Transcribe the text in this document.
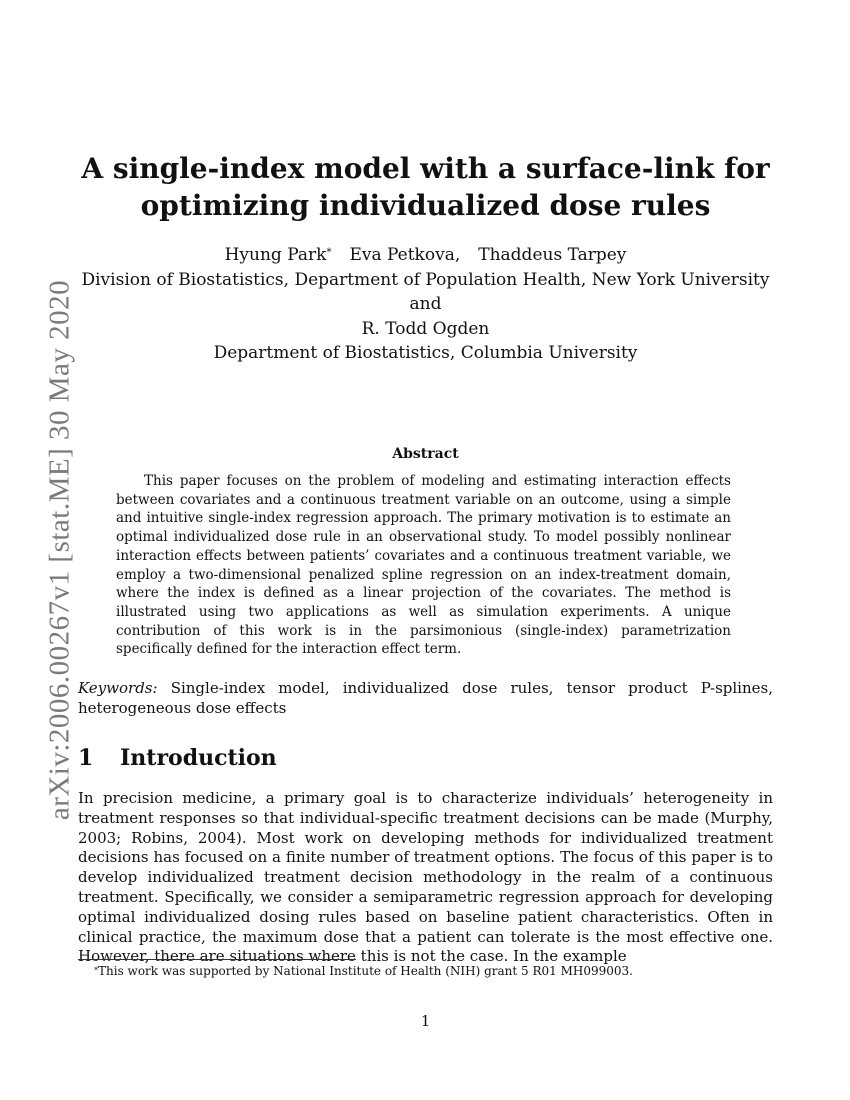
arXiv:2006.00267v1 [stat.ME] 30 May 2020
A single-index model with a surface-link for optimizing individualized dose rules
Hyung Park* Eva Petkova, Thaddeus Tarpey
Division of Biostatistics, Department of Population Health, New York University
and
R. Todd Ogden
Department of Biostatistics, Columbia University
Abstract

This paper focuses on the problem of modeling and estimating interaction effects between covariates and a continuous treatment variable on an outcome, using a simple and intuitive single-index regression approach. The primary motivation is to estimate an optimal individualized dose rule in an observational study. To model possibly nonlinear interaction effects between patients’ covariates and a continuous treatment variable, we employ a two-dimensional penalized spline regression on an index-treatment domain, where the index is defined as a linear projection of the covariates. The method is illustrated using two applications as well as simulation experiments. A unique contribution of this work is in the parsimonious (single-index) parametrization specifically defined for the interaction effect term.

Keywords: Single-index model, individualized dose rules, tensor product P-splines, heterogeneous dose effects

1 Introduction

In precision medicine, a primary goal is to characterize individuals’ heterogeneity in treatment responses so that individual-specific treatment decisions can be made (Murphy, 2003; Robins, 2004). Most work on developing methods for individualized treatment decisions has focused on a finite number of treatment options. The focus of this paper is to develop individualized treatment decision methodology in the realm of a continuous treatment. Specifically, we consider a semiparametric regression approach for developing optimal individualized dosing rules based on baseline patient characteristics. Often in clinical practice, the maximum dose that a patient can tolerate is the most effective one. However, there are situations where this is not the case. In the example

*This work was supported by National Institute of Health (NIH) grant 5 R01 MH099003.
1
